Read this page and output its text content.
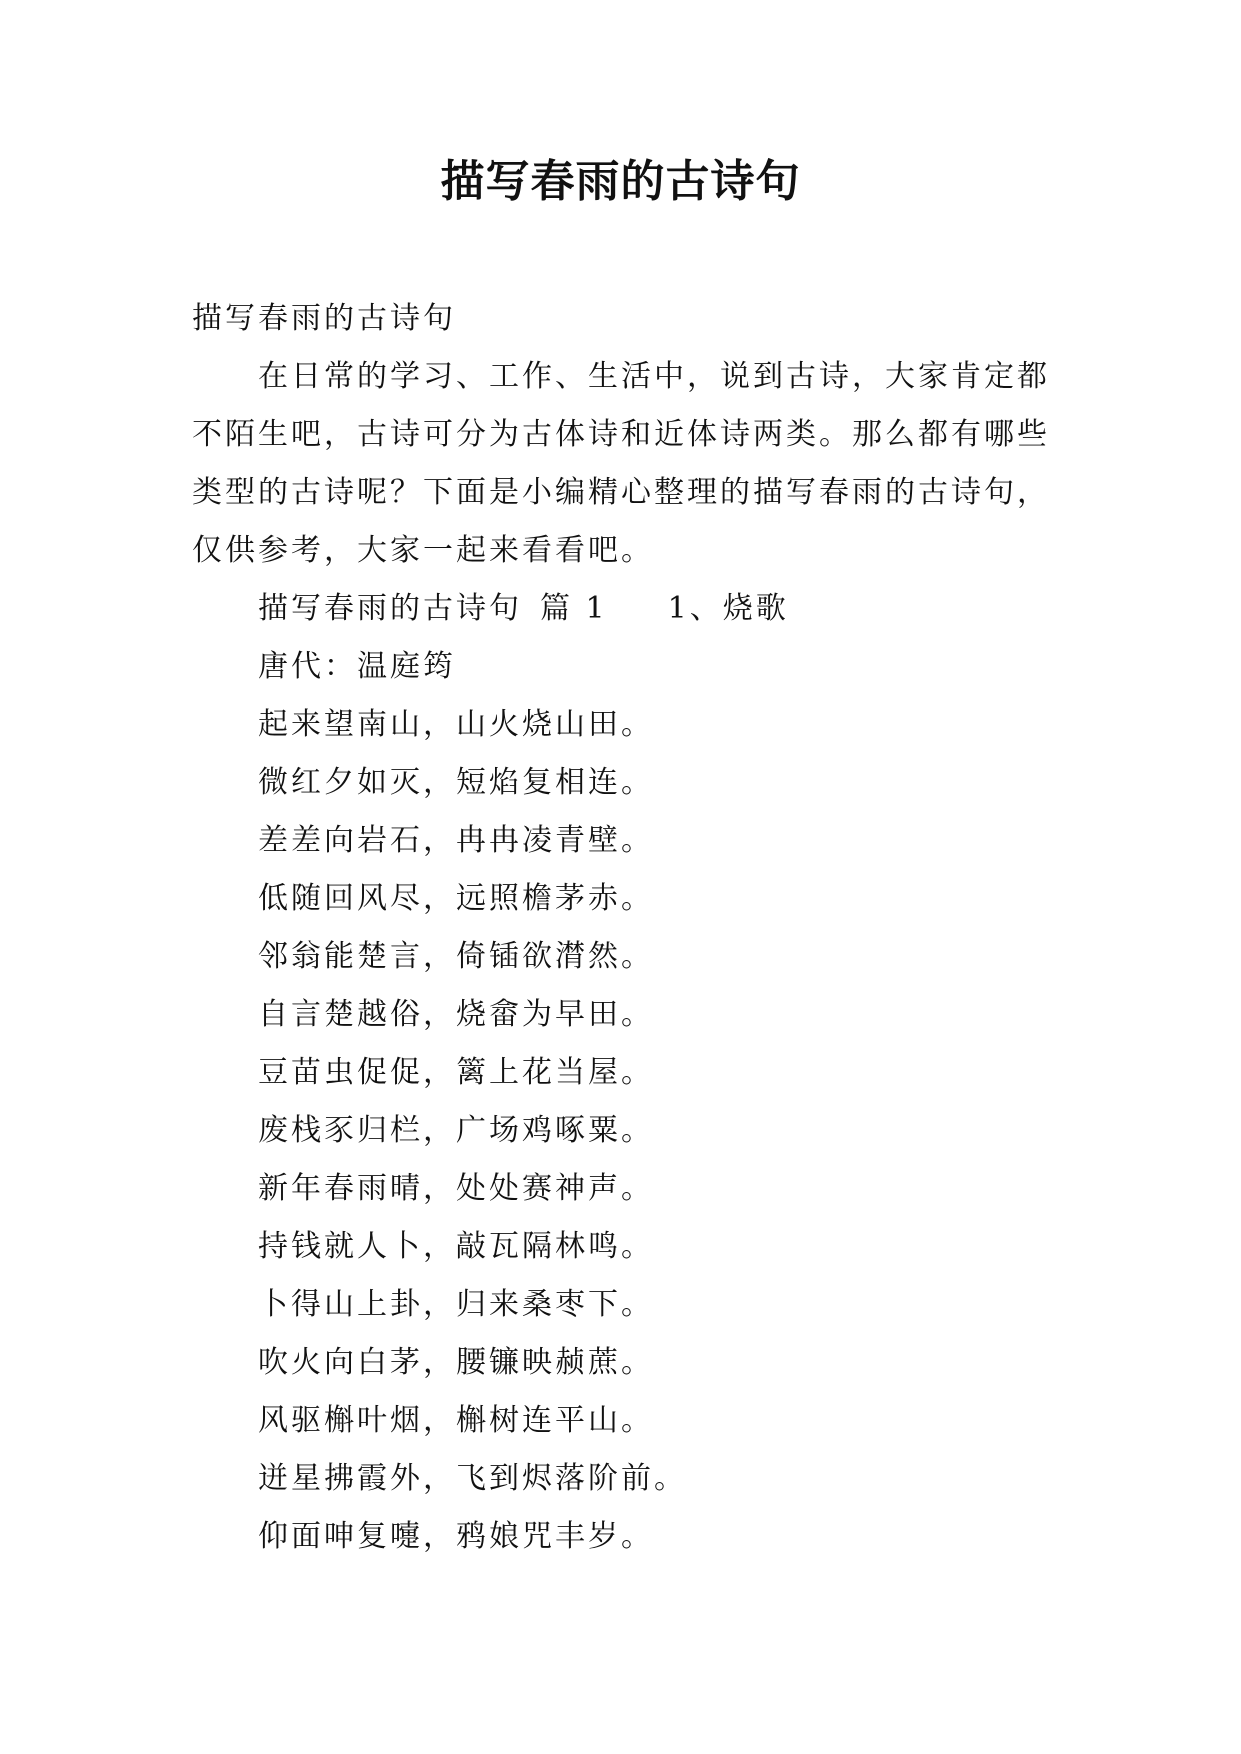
描写春雨的古诗句
描写春雨的古诗句
在日常的学习、工作、生活中，说到古诗，大家肯定都
不陌生吧，古诗可分为古体诗和近体诗两类。那么都有哪些
类型的古诗呢？下面是小编精心整理的描写春雨的古诗句，
仅供参考，大家一起来看看吧。
描写春雨的古诗句 篇 1 1、烧歌
唐代：温庭筠
起来望南山，山火烧山田。
微红夕如灭，短焰复相连。
差差向岩石，冉冉凌青壁。
低随回风尽，远照檐茅赤。
邻翁能楚言，倚锸欲潸然。
自言楚越俗，烧畲为早田。
豆苗虫促促，篱上花当屋。
废栈豕归栏，广场鸡啄粟。
新年春雨晴，处处赛神声。
持钱就人卜，敲瓦隔林鸣。
卜得山上卦，归来桑枣下。
吹火向白茅，腰镰映赪蔗。
风驱槲叶烟，槲树连平山。
迸星拂霞外，飞到烬落阶前。
仰面呻复嚏，鸦娘咒丰岁。
